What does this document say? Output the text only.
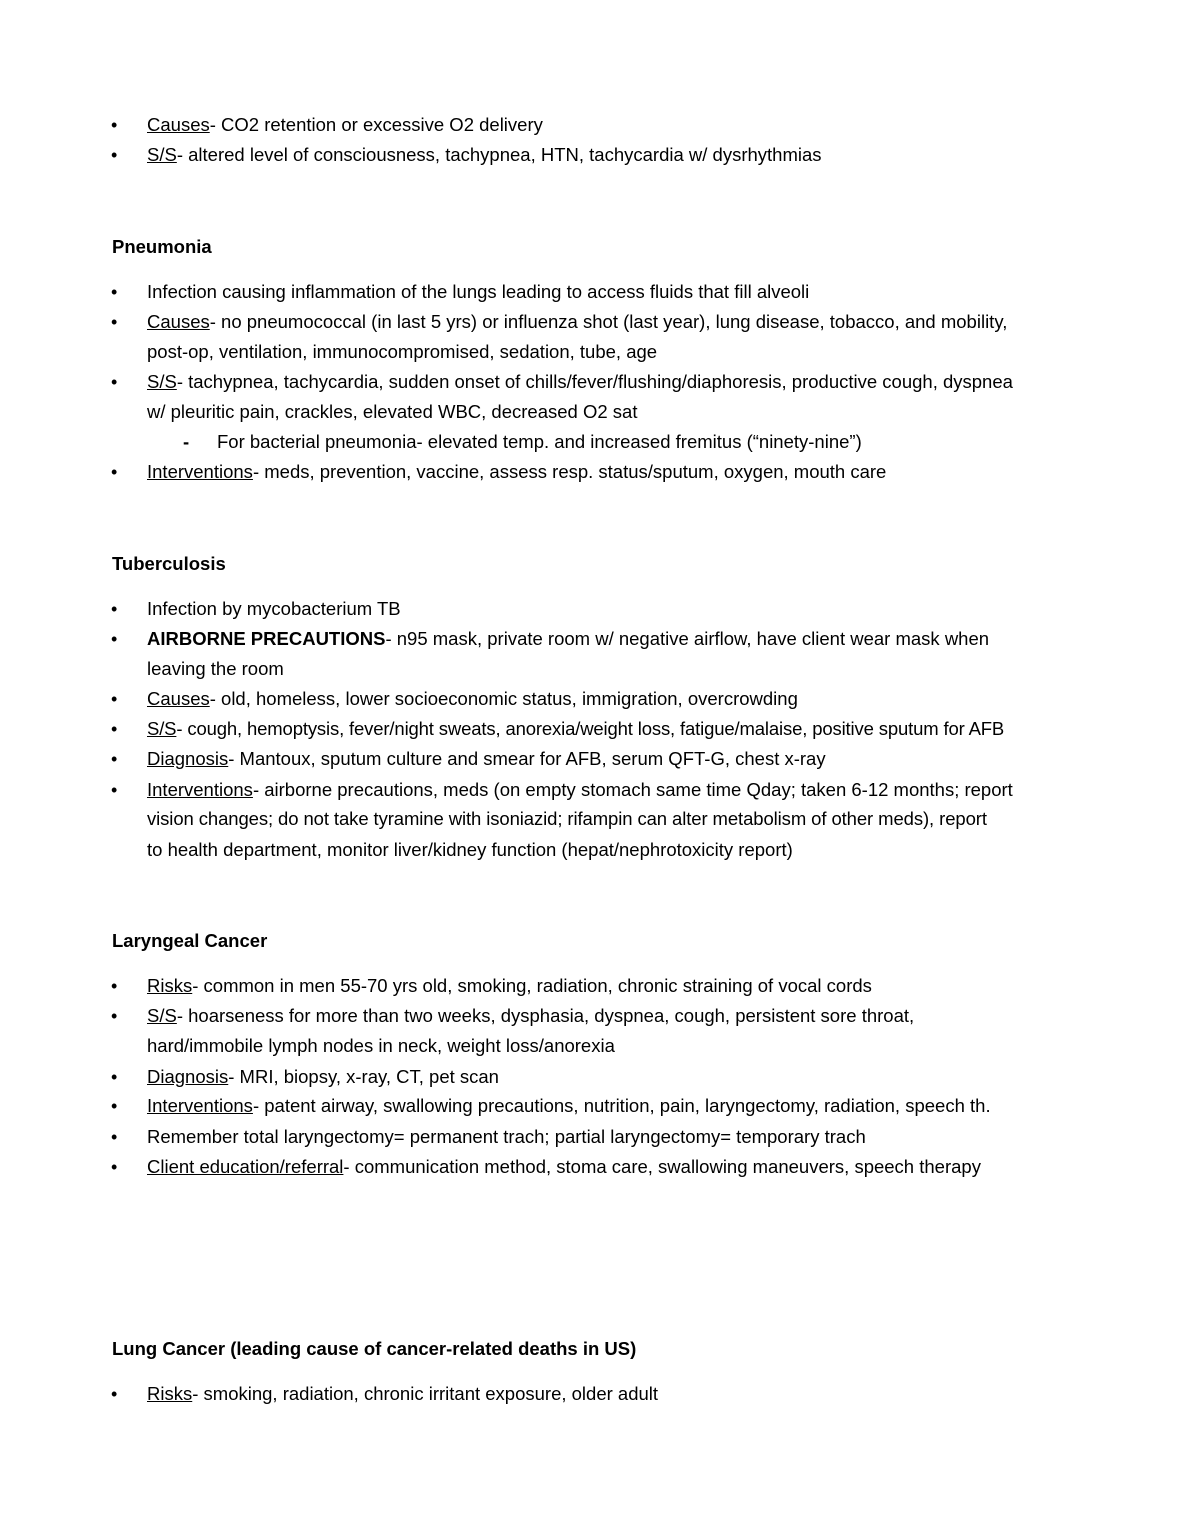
•	Causes- CO2 retention or excessive O2 delivery
•	S/S- altered level of consciousness, tachypnea, HTN, tachycardia w/ dysrhythmias
Pneumonia
•	Infection causing inflammation of the lungs leading to access fluids that fill alveoli
•	Causes- no pneumococcal (in last 5 yrs) or influenza shot (last year), lung disease, tobacco, and mobility,
post-op, ventilation, immunocompromised, sedation, tube, age
•	S/S- tachypnea, tachycardia, sudden onset of chills/fever/flushing/diaphoresis, productive cough, dyspnea
w/ pleuritic pain, crackles, elevated WBC, decreased O2 sat
- For bacterial pneumonia- elevated temp. and increased fremitus (“ninety-nine”)
•	Interventions- meds, prevention, vaccine, assess resp. status/sputum, oxygen, mouth care
Tuberculosis
•	Infection by mycobacterium TB
•	AIRBORNE PRECAUTIONS- n95 mask, private room w/ negative airflow, have client wear mask when
leaving the room
•	Causes- old, homeless, lower socioeconomic status, immigration, overcrowding
•	S/S- cough, hemoptysis, fever/night sweats, anorexia/weight loss, fatigue/malaise, positive sputum for AFB
•	Diagnosis- Mantoux, sputum culture and smear for AFB, serum QFT-G, chest x-ray
•	Interventions- airborne precautions, meds (on empty stomach same time Qday; taken 6-12 months; report
vision changes; do not take tyramine with isoniazid; rifampin can alter metabolism of other meds), report
to health department, monitor liver/kidney function (hepat/nephrotoxicity report)
Laryngeal Cancer
•	Risks- common in men 55-70 yrs old, smoking, radiation, chronic straining of vocal cords
•	S/S- hoarseness for more than two weeks, dysphasia, dyspnea, cough, persistent sore throat,
hard/immobile lymph nodes in neck, weight loss/anorexia
•	Diagnosis- MRI, biopsy, x-ray, CT, pet scan
•	Interventions- patent airway, swallowing precautions, nutrition, pain, laryngectomy, radiation, speech th.
•	Remember total laryngectomy= permanent trach; partial laryngectomy= temporary trach
•	Client education/referral- communication method, stoma care, swallowing maneuvers, speech therapy
Lung Cancer (leading cause of cancer-related deaths in US)
•	Risks- smoking, radiation, chronic irritant exposure, older adult
